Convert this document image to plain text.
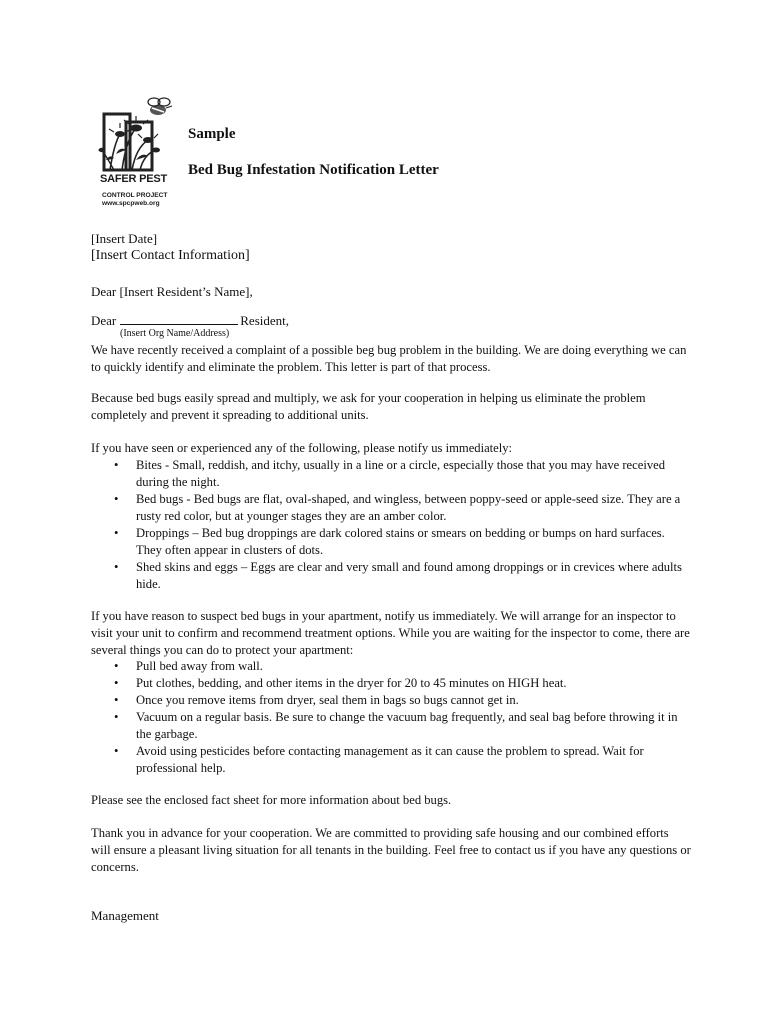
SAFER PEST
CONTROL PROJECT
www.spcpweb.org
Sample
Bed Bug Infestation Notification Letter
[Insert Date]
[Insert Contact Information]
Dear [Insert Resident’s Name],
Dear	Resident,
(Insert Org Name/Address)
We have recently received a complaint of a possible beg bug problem in the building. We are doing everything we can to quickly identify and eliminate the problem. This letter is part of that process.
Because bed bugs easily spread and multiply, we ask for your cooperation in helping us eliminate the problem completely and prevent it spreading to additional units.
If you have seen or experienced any of the following, please notify us immediately:
• Bites - Small, reddish, and itchy, usually in a line or a circle, especially those that you may have received during the night.
• Bed bugs - Bed bugs are flat, oval-shaped, and wingless, between poppy-seed or apple-seed size. They are a rusty red color, but at younger stages they are an amber color.
• Droppings – Bed bug droppings are dark colored stains or smears on bedding or bumps on hard surfaces. They often appear in clusters of dots.
• Shed skins and eggs – Eggs are clear and very small and found among droppings or in crevices where adults hide.
If you have reason to suspect bed bugs in your apartment, notify us immediately. We will arrange for an inspector to visit your unit to confirm and recommend treatment options. While you are waiting for the inspector to come, there are several things you can do to protect your apartment:
• Pull bed away from wall.
• Put clothes, bedding, and other items in the dryer for 20 to 45 minutes on HIGH heat.
• Once you remove items from dryer, seal them in bags so bugs cannot get in.
• Vacuum on a regular basis. Be sure to change the vacuum bag frequently, and seal bag before throwing it in the garbage.
• Avoid using pesticides before contacting management as it can cause the problem to spread. Wait for professional help.
Please see the enclosed fact sheet for more information about bed bugs.
Thank you in advance for your cooperation. We are committed to providing safe housing and our combined efforts will ensure a pleasant living situation for all tenants in the building. Feel free to contact us if you have any questions or concerns.
Management
